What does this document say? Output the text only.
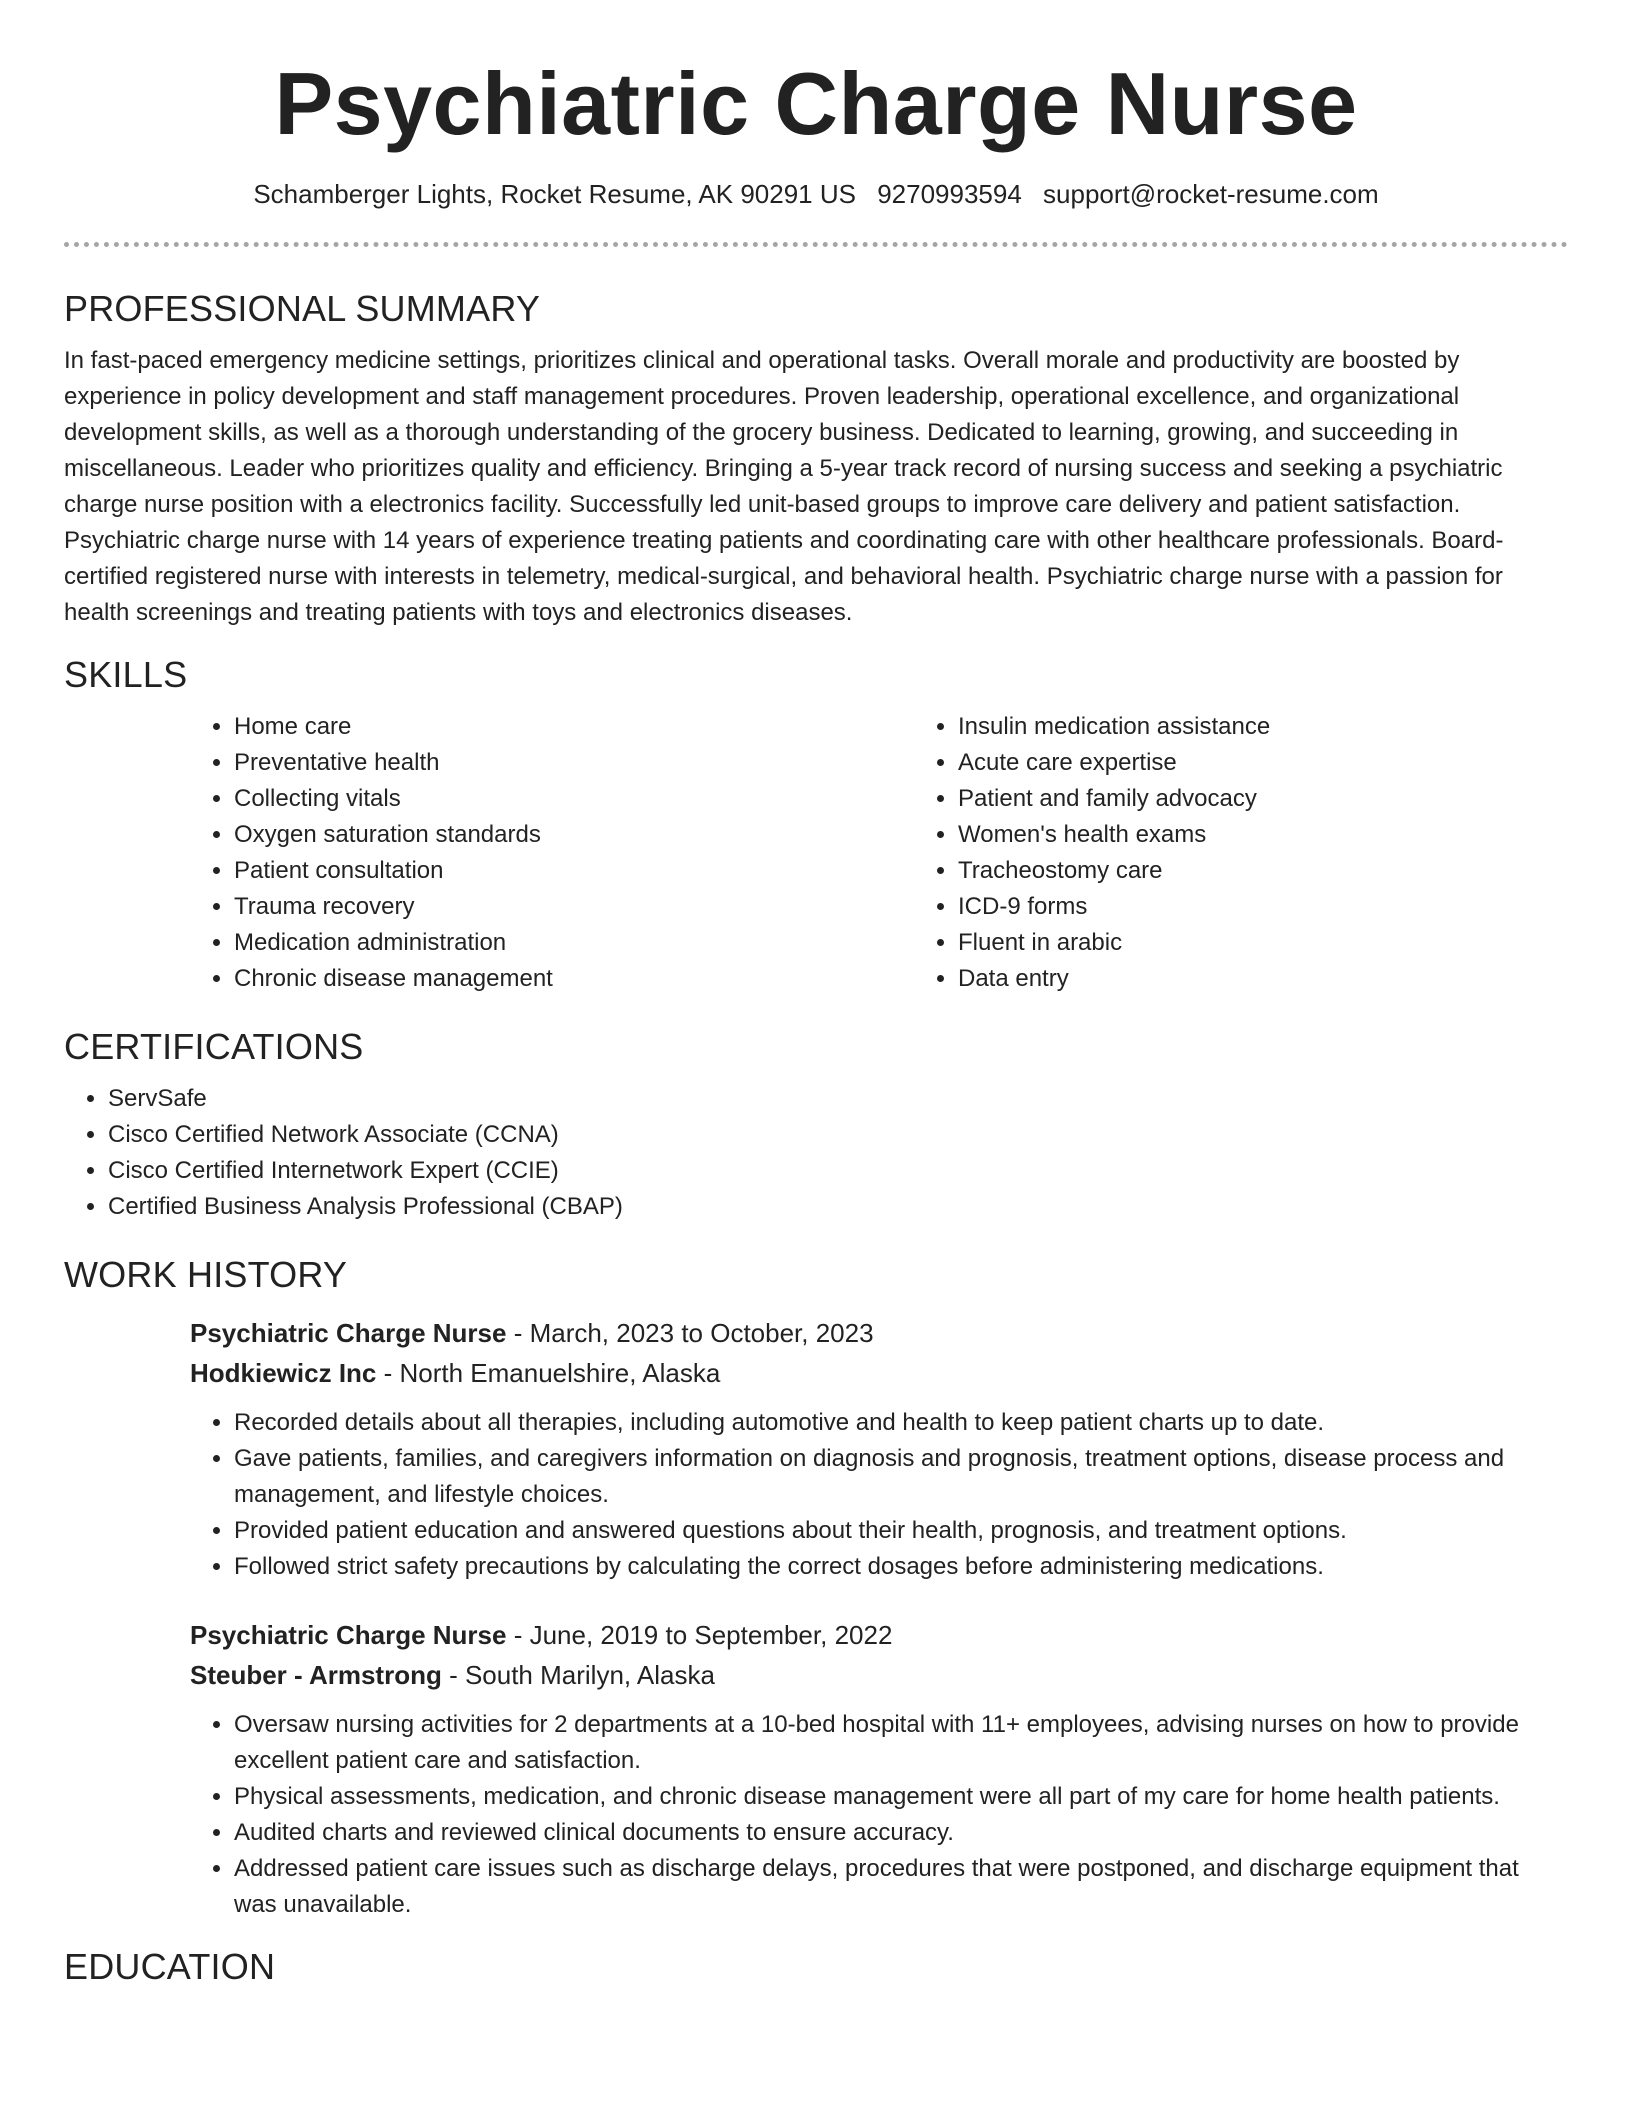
Psychiatric Charge Nurse
Schamberger Lights, Rocket Resume, AK 90291 US 9270993594 support@rocket-resume.com
PROFESSIONAL SUMMARY

In fast-paced emergency medicine settings, prioritizes clinical and operational tasks. Overall morale and productivity are boosted by experience in policy development and staff management procedures. Proven leadership, operational excellence, and organizational development skills, as well as a thorough understanding of the grocery business. Dedicated to learning, growing, and succeeding in miscellaneous. Leader who prioritizes quality and efficiency. Bringing a 5-year track record of nursing success and seeking a psychiatric charge nurse position with a electronics facility. Successfully led unit-based groups to improve care delivery and patient satisfaction. Psychiatric charge nurse with 14 years of experience treating patients and coordinating care with other healthcare professionals. Board-certified registered nurse with interests in telemetry, medical-surgical, and behavioral health. Psychiatric charge nurse with a passion for health screenings and treating patients with toys and electronics diseases.

SKILLS
• Home care
• Preventative health
• Collecting vitals
• Oxygen saturation standards
• Patient consultation
• Trauma recovery
• Medication administration
• Chronic disease management
• Insulin medication assistance
• Acute care expertise
• Patient and family advocacy
• Women's health exams
• Tracheostomy care
• ICD-9 forms
• Fluent in arabic
• Data entry
CERTIFICATIONS
• ServSafe
• Cisco Certified Network Associate (CCNA)
• Cisco Certified Internetwork Expert (CCIE)
• Certified Business Analysis Professional (CBAP)
WORK HISTORY
Psychiatric Charge Nurse - March, 2023 to October, 2023
Hodkiewicz Inc - North Emanuelshire, Alaska
• Recorded details about all therapies, including automotive and health to keep patient charts up to date.
• Gave patients, families, and caregivers information on diagnosis and prognosis, treatment options, disease process and management, and lifestyle choices.
• Provided patient education and answered questions about their health, prognosis, and treatment options.
• Followed strict safety precautions by calculating the correct dosages before administering medications.
Psychiatric Charge Nurse - June, 2019 to September, 2022
Steuber - Armstrong - South Marilyn, Alaska
• Oversaw nursing activities for 2 departments at a 10-bed hospital with 11+ employees, advising nurses on how to provide excellent patient care and satisfaction.
• Physical assessments, medication, and chronic disease management were all part of my care for home health patients.
• Audited charts and reviewed clinical documents to ensure accuracy.
• Addressed patient care issues such as discharge delays, procedures that were postponed, and discharge equipment that was unavailable.
EDUCATION
